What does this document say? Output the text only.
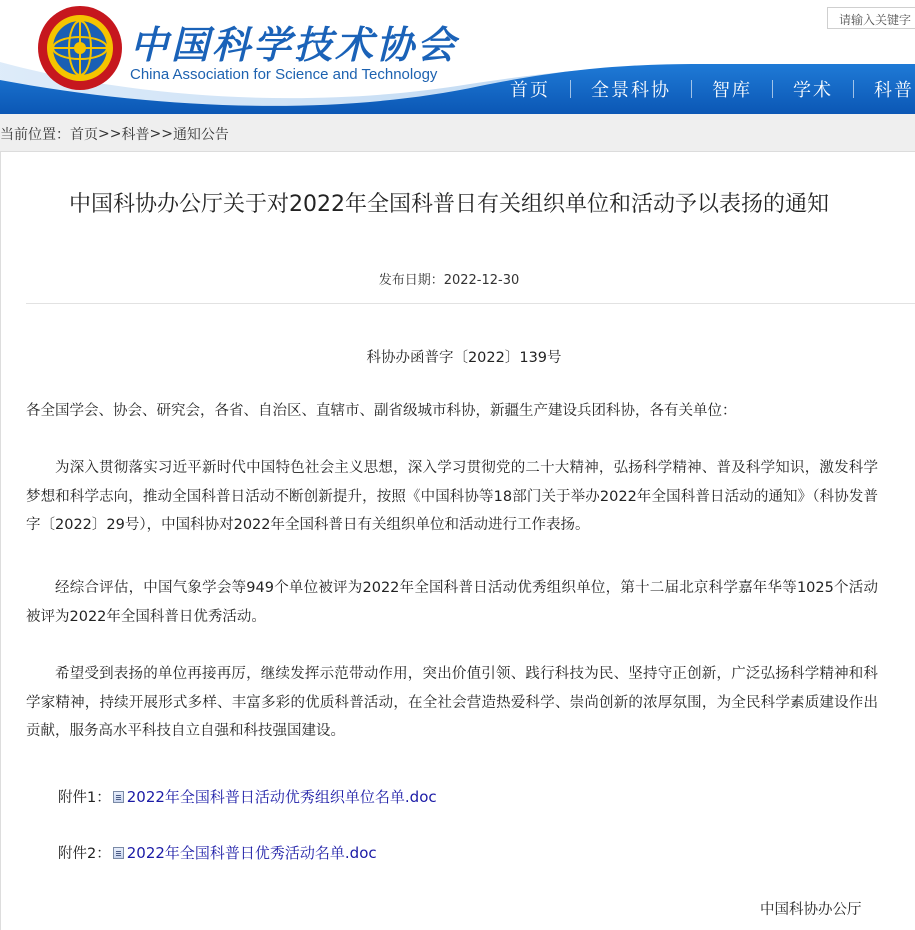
中国科学技术协会
China Association for Science and Technology
请输入关键字
首页	全景科协	智库	学术	科普
当前位置：首页>>科普>>通知公告
中国科协办公厅关于对2022年全国科普日有关组织单位和活动予以表扬的通知
发布日期：2022-12-30
科协办函普字〔2022〕139号
各全国学会、协会、研究会，各省、自治区、直辖市、副省级城市科协，新疆生产建设兵团科协，各有关单位：
为深入贯彻落实习近平新时代中国特色社会主义思想，深入学习贯彻党的二十大精神，弘扬科学精神、普及科学知识，激发科学梦想和科学志向，推动全国科普日活动不断创新提升，按照《中国科协等18部门关于举办2022年全国科普日活动的通知》（科协发普字〔2022〕29号），中国科协对2022年全国科普日有关组织单位和活动进行工作表扬。
经综合评估，中国气象学会等949个单位被评为2022年全国科普日活动优秀组织单位，第十二届北京科学嘉年华等1025个活动被评为2022年全国科普日优秀活动。
希望受到表扬的单位再接再厉，继续发挥示范带动作用，突出价值引领、践行科技为民、坚持守正创新，广泛弘扬科学精神和科学家精神，持续开展形式多样、丰富多彩的优质科普活动，在全社会营造热爱科学、崇尚创新的浓厚氛围，为全民科学素质建设作出贡献，服务高水平科技自立自强和科技强国建设。
附件1： 2022年全国科普日活动优秀组织单位名单.doc
附件2： 2022年全国科普日优秀活动名单.doc
中国科协办公厅
